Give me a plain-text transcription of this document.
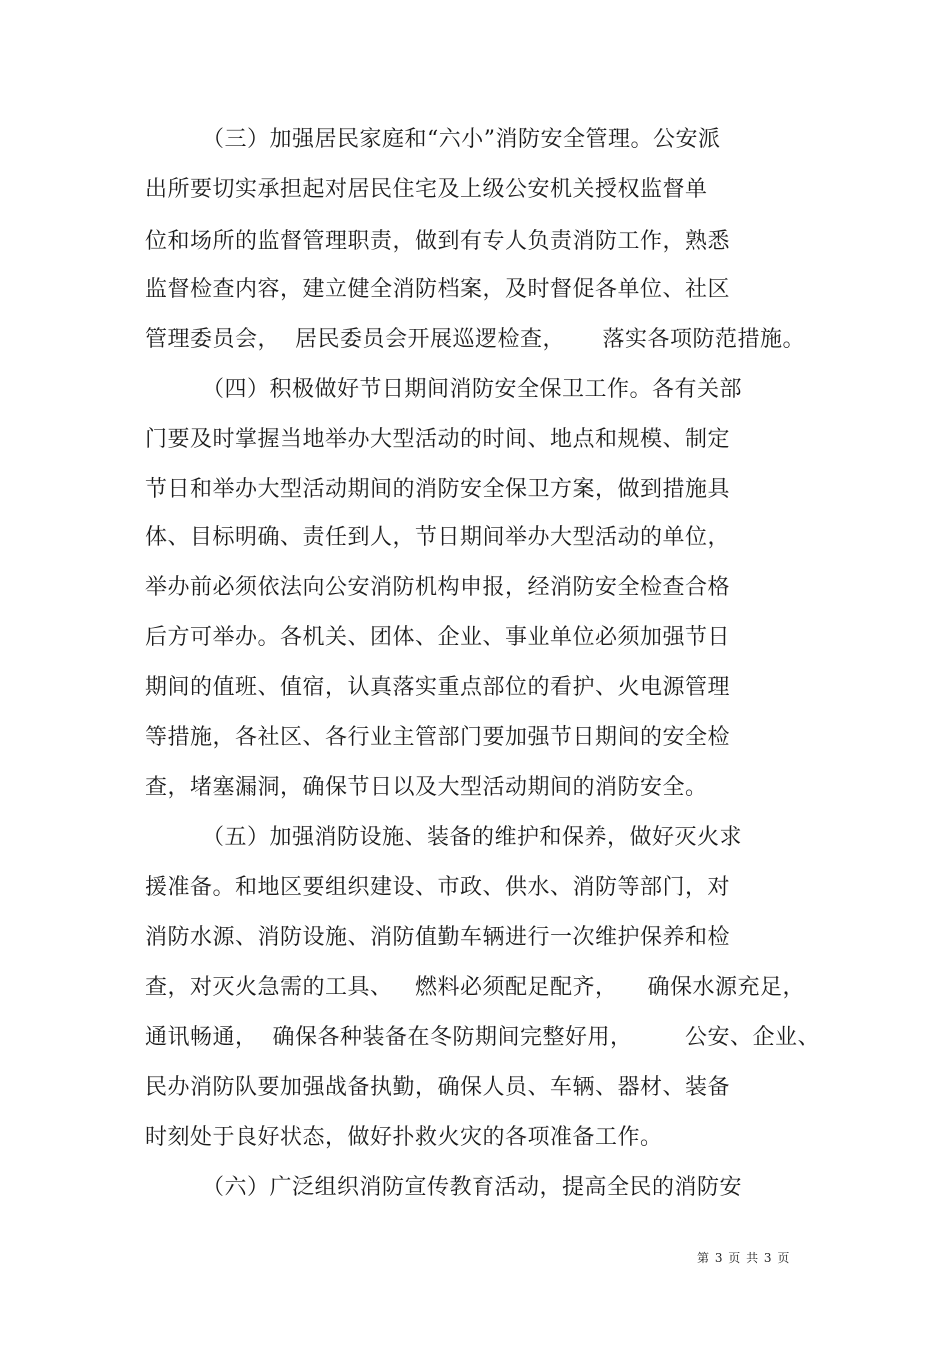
（三）加强居民家庭和“六小”消防安全管理。公安派
出所要切实承担起对居民住宅及上级公安机关授权监督单
位和场所的监督管理职责，做到有专人负责消防工作，熟悉
监督检查内容，建立健全消防档案，及时督促各单位、社区
管理委员会，  居民委员会开展巡逻检查，     落实各项防范措施。
（四）积极做好节日期间消防安全保卫工作。各有关部
门要及时掌握当地举办大型活动的时间、地点和规模、制定
节日和举办大型活动期间的消防安全保卫方案，做到措施具
体、目标明确、责任到人，节日期间举办大型活动的单位，
举办前必须依法向公安消防机构申报，经消防安全检查合格
后方可举办。各机关、团体、企业、事业单位必须加强节日
期间的值班、值宿，认真落实重点部位的看护、火电源管理
等措施，各社区、各行业主管部门要加强节日期间的安全检
查，堵塞漏洞，确保节日以及大型活动期间的消防安全。
（五）加强消防设施、装备的维护和保养，做好灭火求
援准备。和地区要组织建设、市政、供水、消防等部门，对
消防水源、消防设施、消防值勤车辆进行一次维护保养和检
查，对灭火急需的工具、   燃料必须配足配齐，    确保水源充足，
通讯畅通，  确保各种装备在冬防期间完整好用，       公安、企业、
民办消防队要加强战备执勤，确保人员、车辆、器材、装备
时刻处于良好状态，做好扑救火灾的各项准备工作。
（六）广泛组织消防宣传教育活动，提高全民的消防安
第 3 页 共 3 页
